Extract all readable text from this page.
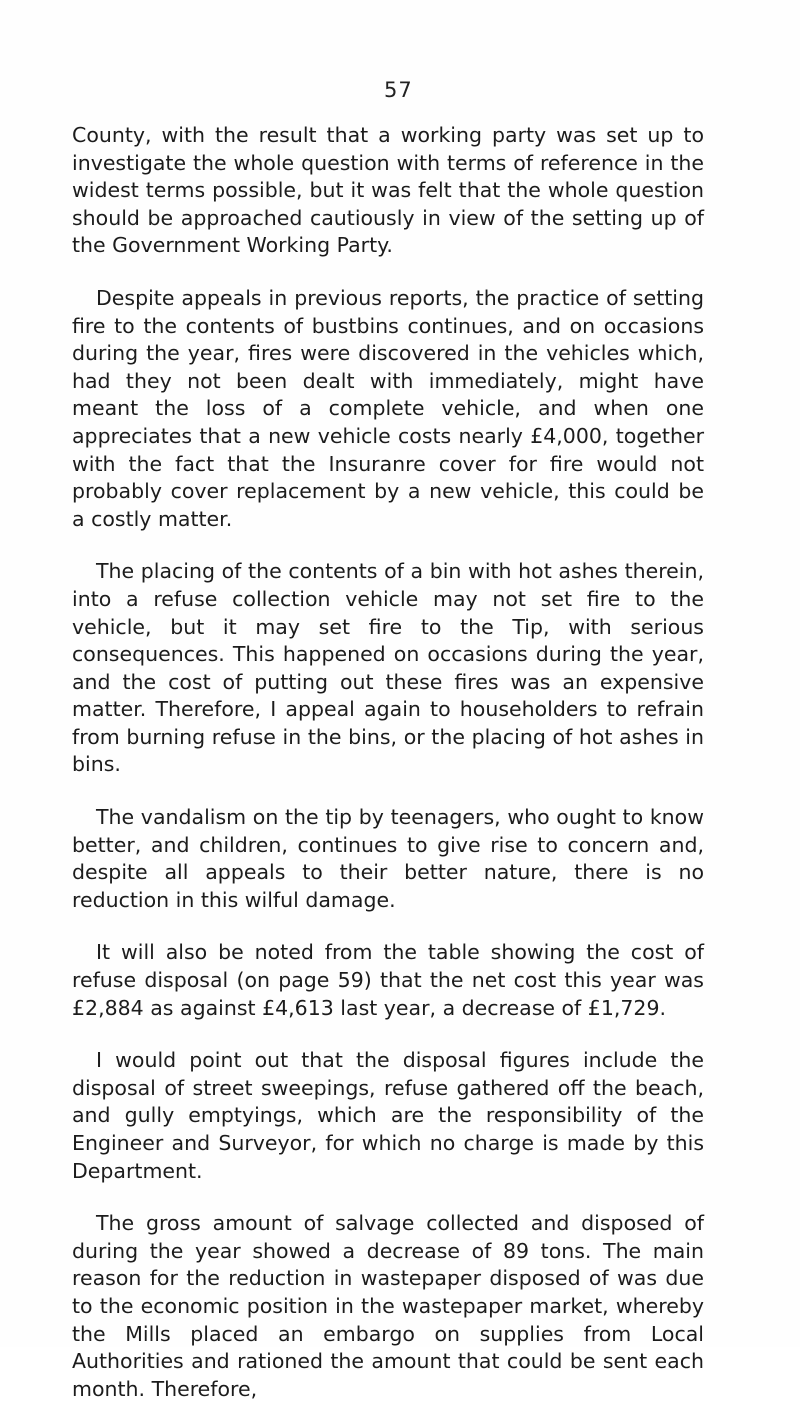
57

County, with the result that a working party was set up to investigate the whole question with terms of reference in the widest terms possible, but it was felt that the whole question should be approached cautiously in view of the setting up of the Government Working Party.

Despite appeals in previous reports, the practice of setting fire to the contents of bustbins continues, and on occasions during the year, fires were discovered in the vehicles which, had they not been dealt with immediately, might have meant the loss of a complete vehicle, and when one appreciates that a new vehicle costs nearly £4,000, together with the fact that the Insuranre cover for fire would not probably cover replacement by a new vehicle, this could be a costly matter.

The placing of the contents of a bin with hot ashes therein, into a refuse collection vehicle may not set fire to the vehicle, but it may set fire to the Tip, with serious consequences. This happened on occasions during the year, and the cost of putting out these fires was an expensive matter. Therefore, I appeal again to householders to refrain from burning refuse in the bins, or the placing of hot ashes in bins.

The vandalism on the tip by teenagers, who ought to know better, and children, continues to give rise to concern and, despite all appeals to their better nature, there is no reduction in this wilful damage.

It will also be noted from the table showing the cost of refuse disposal (on page 59) that the net cost this year was £2,884 as against £4,613 last year, a decrease of £1,729.

I would point out that the disposal figures include the disposal of street sweepings, refuse gathered off the beach, and gully emptyings, which are the responsibility of the Engineer and Surveyor, for which no charge is made by this Department.

The gross amount of salvage collected and disposed of during the year showed a decrease of 89 tons. The main reason for the reduction in wastepaper disposed of was due to the economic position in the wastepaper market, whereby the Mills placed an embargo on supplies from Local Authorities and rationed the amount that could be sent each month. Therefore,
